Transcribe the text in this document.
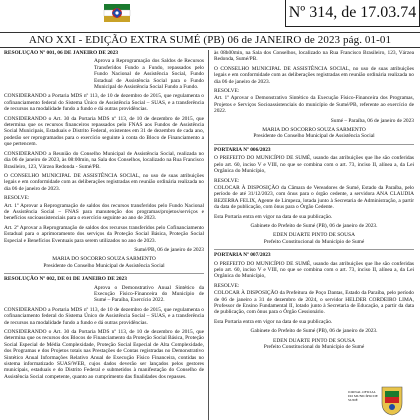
Nº 314, de 17.03.74
ANO XXI - EDIÇÃO EXTRA SUMÉ (PB) 06 de JANEIRO de 2023 pág. 01-01
RESOLUÇÃO Nº 001, 06 DE JANEIRO DE 2023
Aprova a Reprogramação dos Saldos de Recursos Transferidos Fundo a Fundo, repassados pelo Fundo Nacional de Assistência Social, Fundo Estadual de Assistência Social para o Fundo Municipal de Assistência Social Fundo a Fundo.
CONSIDERANDO a Portaria MDS nº 113, de 10 de dezembro de 2015, que regulamenta o cofinanciamento federal do Sistema Único de Assistência Social – SUAS, e a transferência de recursos na modalidade fundo a fundo e dá outras providências.
CONSIDERANDO o Art. 30 da Portaria MDS nº 113, de 10 de dezembro de 2015, que determina que os recursos financeiros repassados pelo FNAS aos Fundos de Assistência Social Municipais, Estaduais e Distrito Federal, existentes em 31 de dezembro de cada ano, poderão ser reprogramados para o exercício seguinte à conta do Bloco de Financiamento a que pertencem.
CONSIDERANDO a Reunião do Conselho Municipal de Assistência Social, realizada no dia 06 de janeiro de 2023, às 08:00min, na Sala dos Conselhos, localizado na Rua Francisco Brasileiro, 123, Várzea Redonda - Sumé/PB.
O CONSELHO MUNICIPAL DE ASSISTÊNCIA SOCIAL, no uso de suas atribuições legais e em conformidade com as deliberações registradas em reunião ordinária realizada no dia 06 de janeiro de 2023.
RESOLVE:
Art. 1º Aprovar a Reprogramação de saldos dos recursos transferidos pelo Fundo Nacional de Assistência Social – FNAS para manutenção dos programas/projetos/serviços e benefícios socioassistenciais para o exercício seguinte ao ano de 2023.
Art. 2º Aprovar a Reprogramação de saldos dos recursos transferidos pelo Cofinanciamento Estadual para o aprimoramento dos serviços da Proteção Social Básica, Proteção Social Especial e Benefícios Eventuais para serem utilizados no ano de 2023.
Sumé/PB, 06 de janeiro de 2023
MARIA DO SOCORRO SOUZA SARMENTO
Presidente do Conselho Municipal de Assistência Social
RESOLUÇÃO Nº 002, DE 01 DE JANEIRO DE 2023
Aprova o Demonstrativo Anual Sintético da Execução Físico-Financeira do Município de Sumé – Paraíba, Exercício 2022.
CONSIDERANDO a Portaria MDS nº 113, de 10 de dezembro de 2015, que regulamenta o cofinanciamento federal do Sistema Único de Assistência Social – SUAS, e a transferência de recursos na modalidade fundo a fundo e dá outras providências.
CONSIDERANDO o Art. 30 da Portaria MDS nº 113, de 10 de dezembro de 2015, que determina que os recursos dos Blocos de Financiamento da Proteção Social Básica, Proteção Social Especial de Média Complexidade, Proteção Social Especial de Alta Complexidade, dos Programas e dos Projetos totais nas Prestações de Contas registradas no Demonstrativo Sintético Anual Informações Relativo Anual de Execução Físico Financeira, contidas no sistema informatizado SUAS/WEB, cujos dados deverão ser lançados pelos gestores municipais, estaduais e do Distrito Federal e submetidos à manifestação do Conselho de Assistência Social competente, quanto ao cumprimento das finalidades dos repasses.
às 08h00min, na Sala dos Conselhos, localizado na Rua Francisco Brasileiro, 123, Várzea Redonda, Sumé/PB.
O CONSELHO MUNICIPAL DE ASSISTÊNCIA SOCIAL, no uso de suas atribuições legais e em conformidade com as deliberações registradas em reunião ordinária realizada no dia 06 de janeiro de 2023.
RESOLVE:
Art. 1º Aprovar o Demonstrativo Sintético da Execução Físico-Financeira dos Programas, Projetos e Serviços Socioassistenciais do município de Sumé/PB, referente ao exercício de 2022.
Sumé – Paraíba, 06 de janeiro de 2023
MARIA DO SOCORRO SOUZA SARMENTO
Presidente do Conselho Municipal de Assistência Social
PORTARIA Nº 006/2023
O PREFEITO DO MUNICÍPIO DE SUMÉ, usando das atribuições que lhe são conferidas pelo art. 60, inciso V e VIII, no que se combina com o art. 73, inciso II, alínea a, da Lei Orgânica do Município,
RESOLVE:
COLOCAR À DISPOSIÇÃO da Câmara de Vereadores de Sumé, Estado da Paraíba, pelo período de até 31/12/2023, com ônus para o órgão cedente, a servidora ANA CLAUDIA BEZERRA FELIX, Agente de Limpeza, lotada junto à Secretaria de Administração, a partir da data de publicação, com ônus para o Órgão Cedente.
Esta Portaria entra em vigor na data de sua publicação.
Gabinete do Prefeito de Sumé (PB), 06 de janeiro de 2023.
EDEN DUARTE PINTO DE SOUSA
Prefeito Constitucional do Município de Sumé
PORTARIA Nº 007/2023
O PREFEITO DO MUNICÍPIO DE SUMÉ, usando das atribuições que lhe são conferidas pelo art. 60, inciso V e VIII, no que se combina com o art. 73, inciso II, alínea a, da Lei Orgânica do Município,
RESOLVE:
COLOCAR À DISPOSIÇÃO da Prefeitura de Poço Dantas, Estado da Paraíba, pelo período de 06 de janeiro a 31 de dezembro de 2024, o servidor HELDER CORDEIRO LIMA, Professor de Ensino Fundamental II, lotado junto à Secretaria de Educação, a partir da data de publicação, com ônus para o Órgão Cessionário.
Esta Portaria entra em vigor na data de sua publicação.
Gabinete do Prefeito de Sumé (PB), 06 de janeiro de 2023.
EDEN DUARTE PINTO DE SOUSA
Prefeito Constitucional do Município de Sumé
JORNAL OFICIAL DO MUNICÍPIO DE SUMÉ
